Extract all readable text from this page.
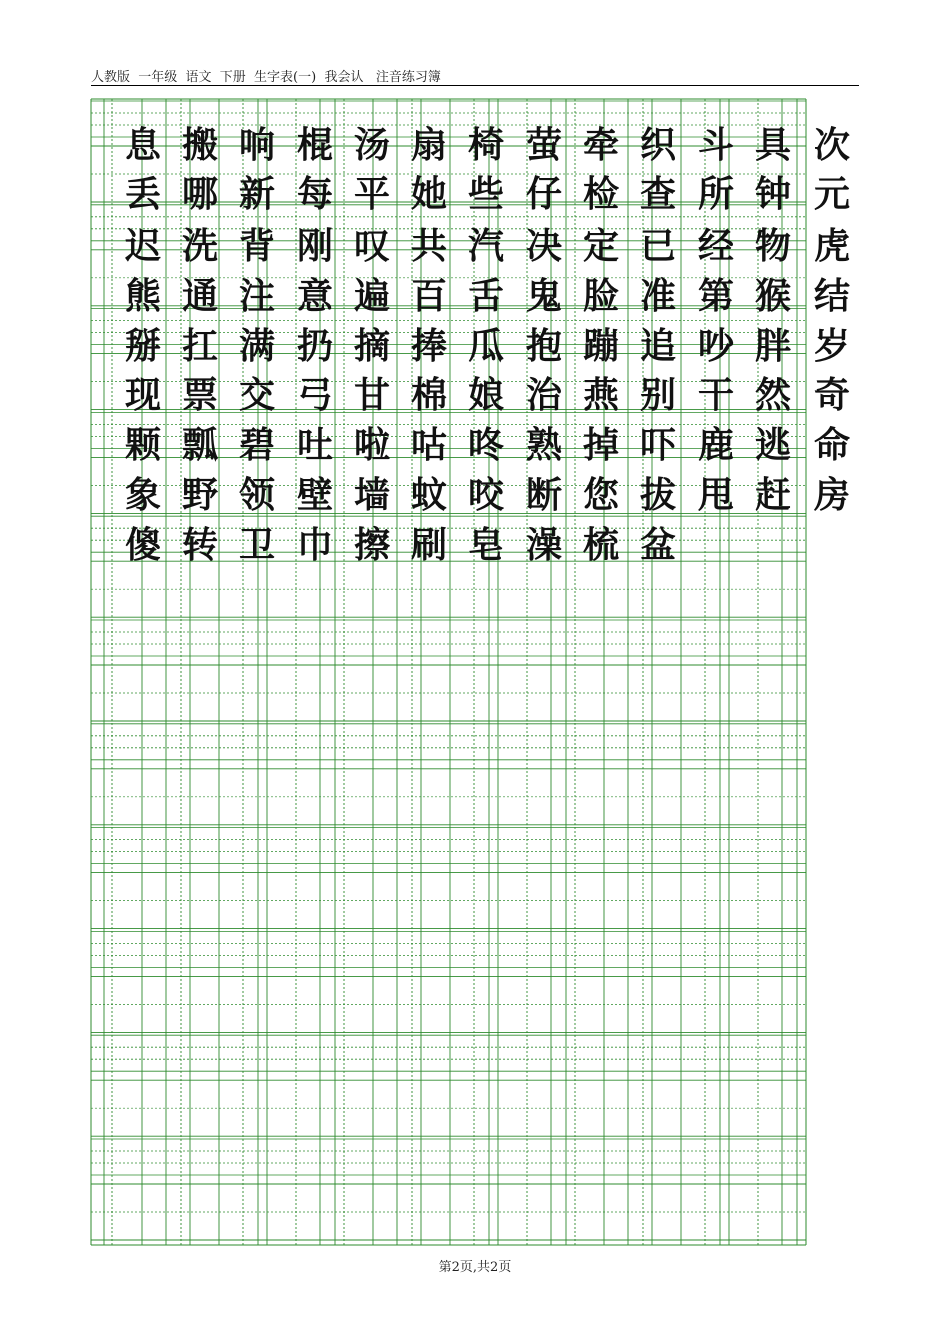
人教版  一年级  语文  下册  生字表(一)  我会认   注音练习簿
息 搬 响 棍 汤 扇 椅 萤 牵 织 斗 具 次
丢 哪 新 每 平 她 些 仔 检 查 所 钟 元
迟 洗 背 刚 叹 共 汽 决 定 已 经 物 虎
熊 通 注 意 遍 百 舌 鬼 脸 准 第 猴 结
掰 扛 满 扔 摘 捧 瓜 抱 蹦 追 吵 胖 岁
现 票 交 弓 甘 棉 娘 治 燕 别 干 然 奇
颗 瓢 碧 吐 啦 咕 咚 熟 掉 吓 鹿 逃 命
象 野 领 壁 墙 蚊 咬 断 您 拔 甩 赶 房
傻 转 卫 巾 擦 刷 皂 澡 梳 盆
第2页,共2页
